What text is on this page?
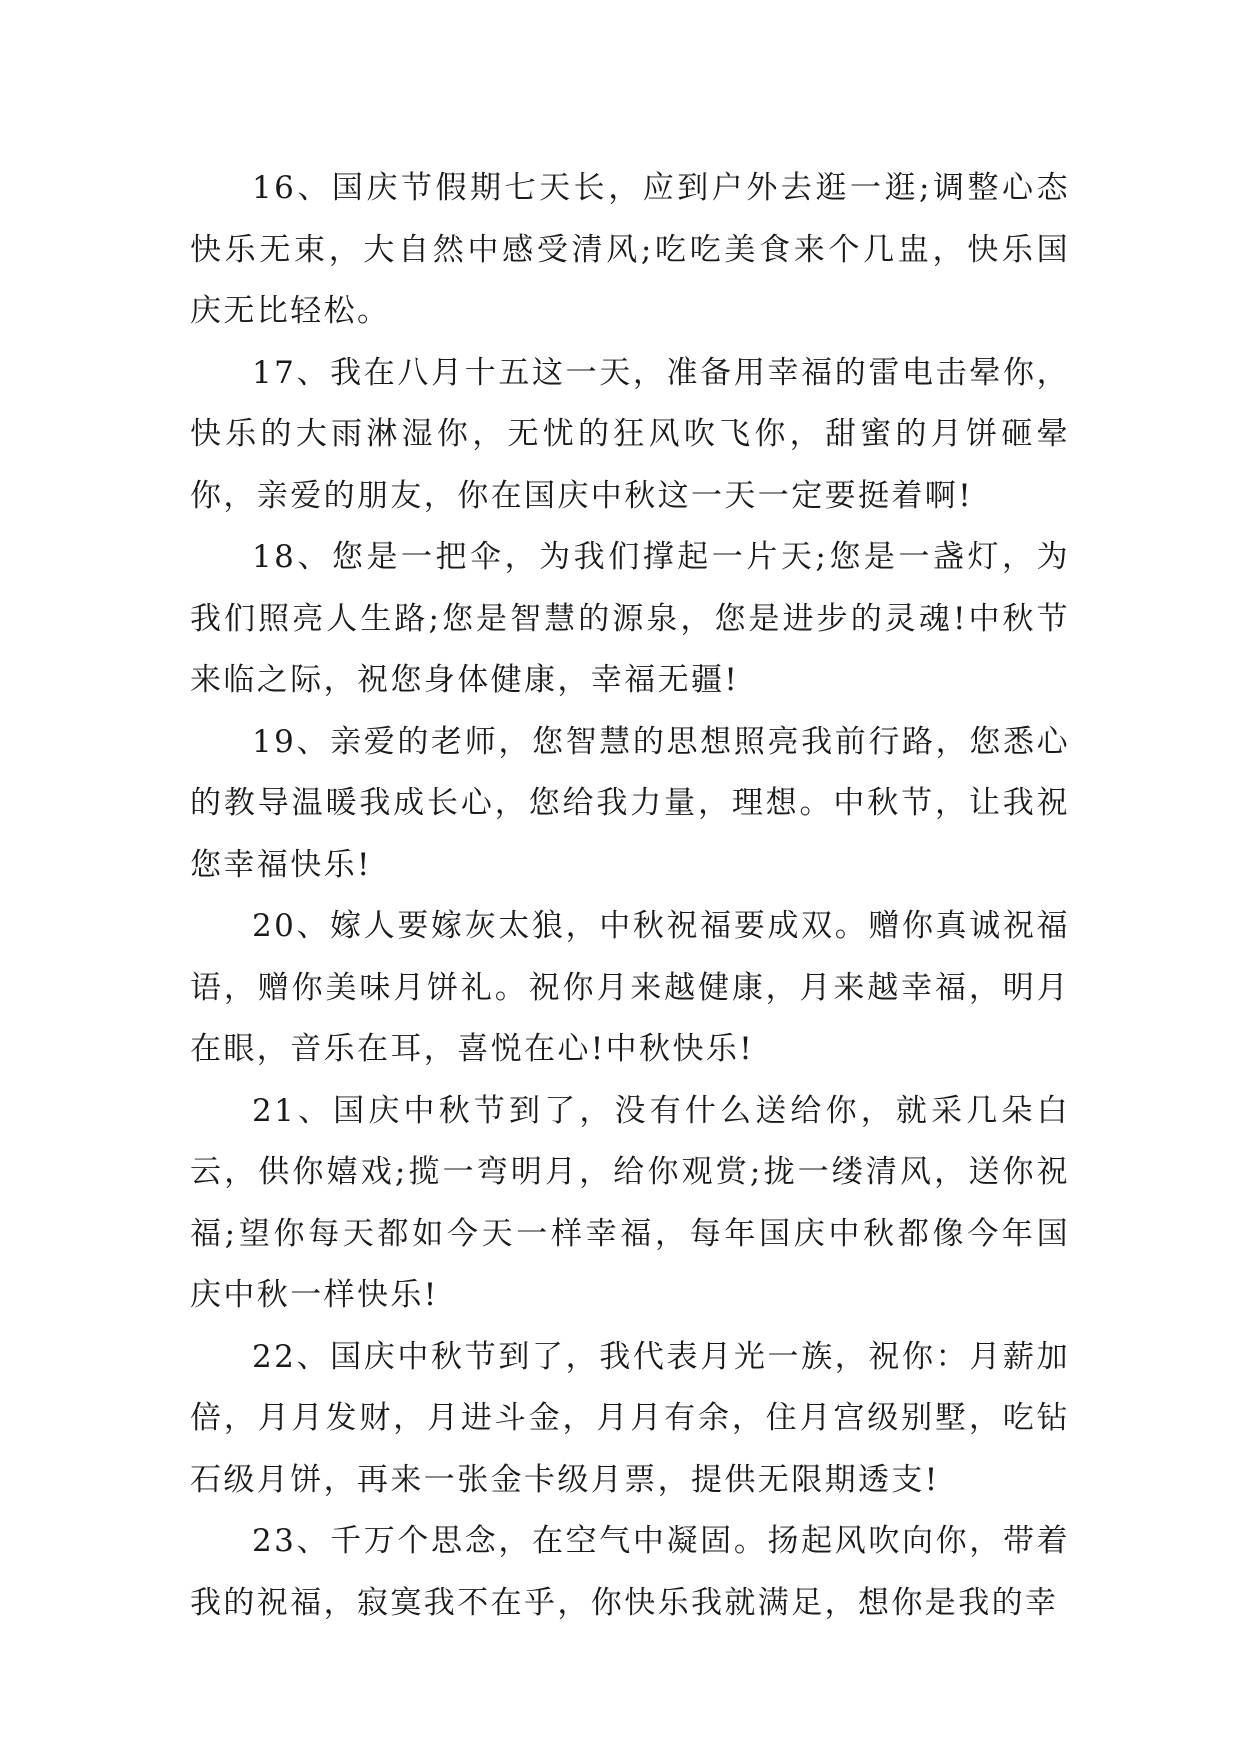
16、国庆节假期七天长，应到户外去逛一逛;调整心态快乐无束，大自然中感受清风;吃吃美食来个几盅，快乐国庆无比轻松。

17、我在八月十五这一天，准备用幸福的雷电击晕你，快乐的大雨淋湿你，无忧的狂风吹飞你，甜蜜的月饼砸晕你，亲爱的朋友，你在国庆中秋这一天一定要挺着啊!

18、您是一把伞，为我们撑起一片天;您是一盏灯，为我们照亮人生路;您是智慧的源泉，您是进步的灵魂!中秋节来临之际，祝您身体健康，幸福无疆!

19、亲爱的老师，您智慧的思想照亮我前行路，您悉心的教导温暖我成长心，您给我力量，理想。中秋节，让我祝您幸福快乐!

20、嫁人要嫁灰太狼，中秋祝福要成双。赠你真诚祝福语，赠你美味月饼礼。祝你月来越健康，月来越幸福，明月在眼，音乐在耳，喜悦在心!中秋快乐!

21、国庆中秋节到了，没有什么送给你，就采几朵白云，供你嬉戏;揽一弯明月，给你观赏;拢一缕清风，送你祝福;望你每天都如今天一样幸福，每年国庆中秋都像今年国庆中秋一样快乐!

22、国庆中秋节到了，我代表月光一族，祝你：月薪加倍，月月发财，月进斗金，月月有余，住月宫级别墅，吃钻石级月饼，再来一张金卡级月票，提供无限期透支!

23、千万个思念，在空气中凝固。扬起风吹向你，带着我的祝福，寂寞我不在乎，你快乐我就满足，想你是我的幸
